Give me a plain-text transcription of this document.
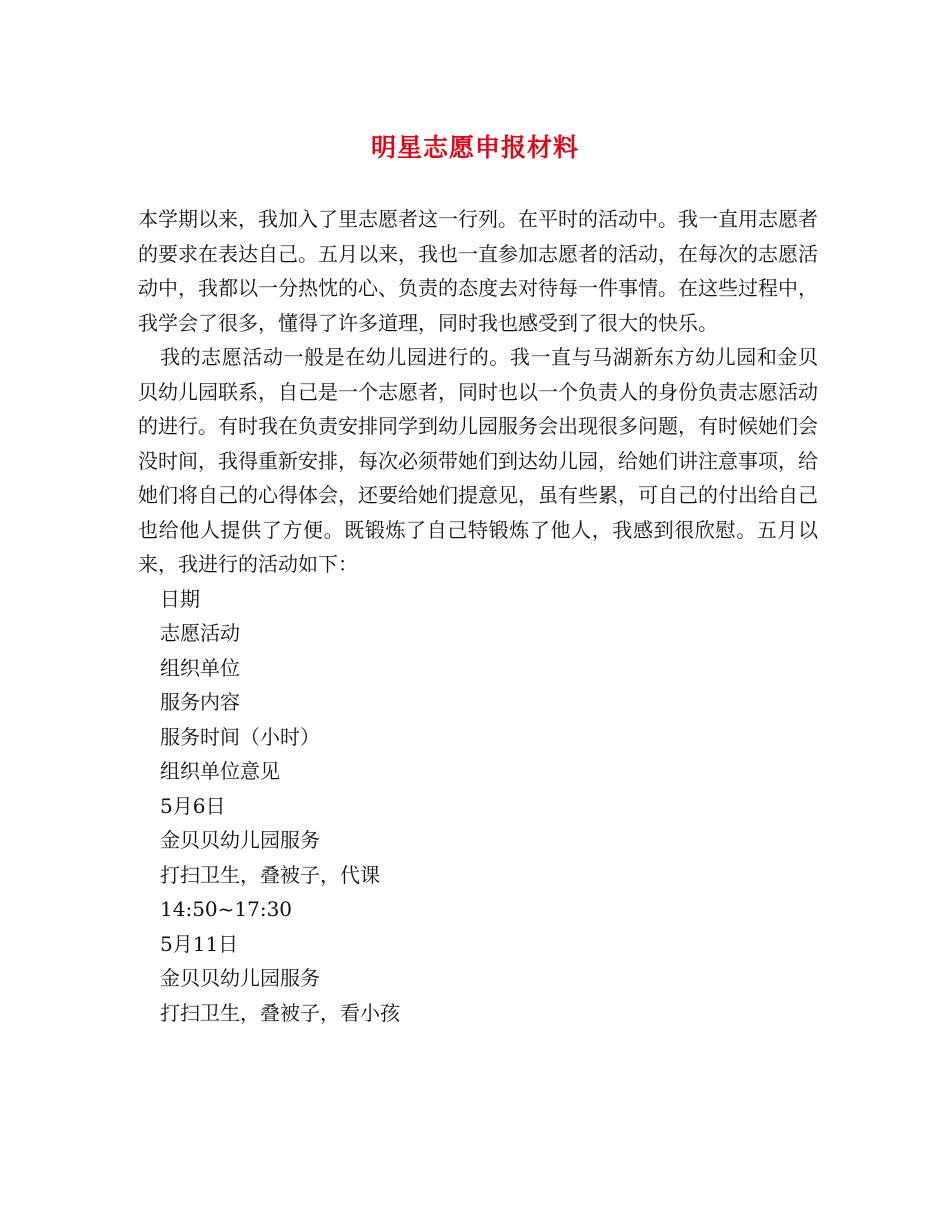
明星志愿申报材料

本学期以来，我加入了里志愿者这一行列。在平时的活动中。我一直用志愿者的要求在表达自己。五月以来，我也一直参加志愿者的活动，在每次的志愿活动中，我都以一分热忱的心、负责的态度去对待每一件事情。在这些过程中，我学会了很多，懂得了许多道理，同时我也感受到了很大的快乐。

我的志愿活动一般是在幼儿园进行的。我一直与马湖新东方幼儿园和金贝贝幼儿园联系，自己是一个志愿者，同时也以一个负责人的身份负责志愿活动的进行。有时我在负责安排同学到幼儿园服务会出现很多问题，有时候她们会没时间，我得重新安排，每次必须带她们到达幼儿园，给她们讲注意事项，给她们将自己的心得体会，还要给她们提意见，虽有些累，可自己的付出给自己也给他人提供了方便。既锻炼了自己特锻炼了他人，我感到很欣慰。五月以来，我进行的活动如下：

日期
志愿活动
组织单位
服务内容
服务时间（小时）
组织单位意见
5月6日
金贝贝幼儿园服务
打扫卫生，叠被子，代课
14:50~17:30
5月11日
金贝贝幼儿园服务
打扫卫生，叠被子，看小孩
